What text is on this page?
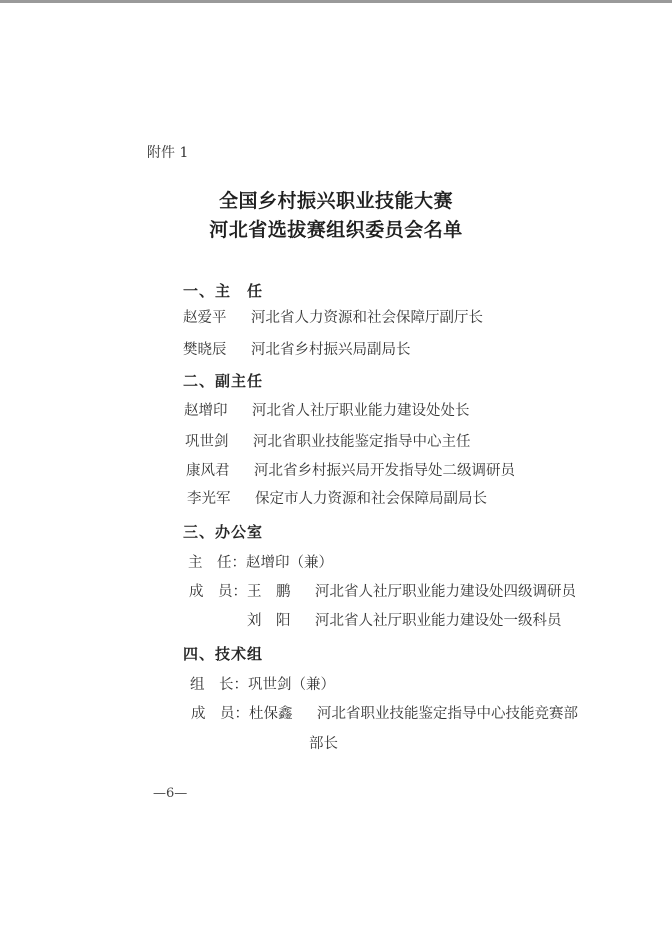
附件 1
全国乡村振兴职业技能大赛
河北省选拔赛组织委员会名单
一、主　任
赵爱平 河北省人力资源和社会保障厅副厅长
樊晓辰 河北省乡村振兴局副局长
二、副主任
赵增印 河北省人社厅职业能力建设处处长
巩世剑 河北省职业技能鉴定指导中心主任
康风君 河北省乡村振兴局开发指导处二级调研员
李光军 保定市人力资源和社会保障局副局长
三、办公室
主　任：赵增印（兼）
成　员：王　鹏 河北省人社厅职业能力建设处四级调研员
刘　阳 河北省人社厅职业能力建设处一级科员
四、技术组
组　长：巩世剑（兼）
成　员：杜保鑫 河北省职业技能鉴定指导中心技能竞赛部
部长
—6—
